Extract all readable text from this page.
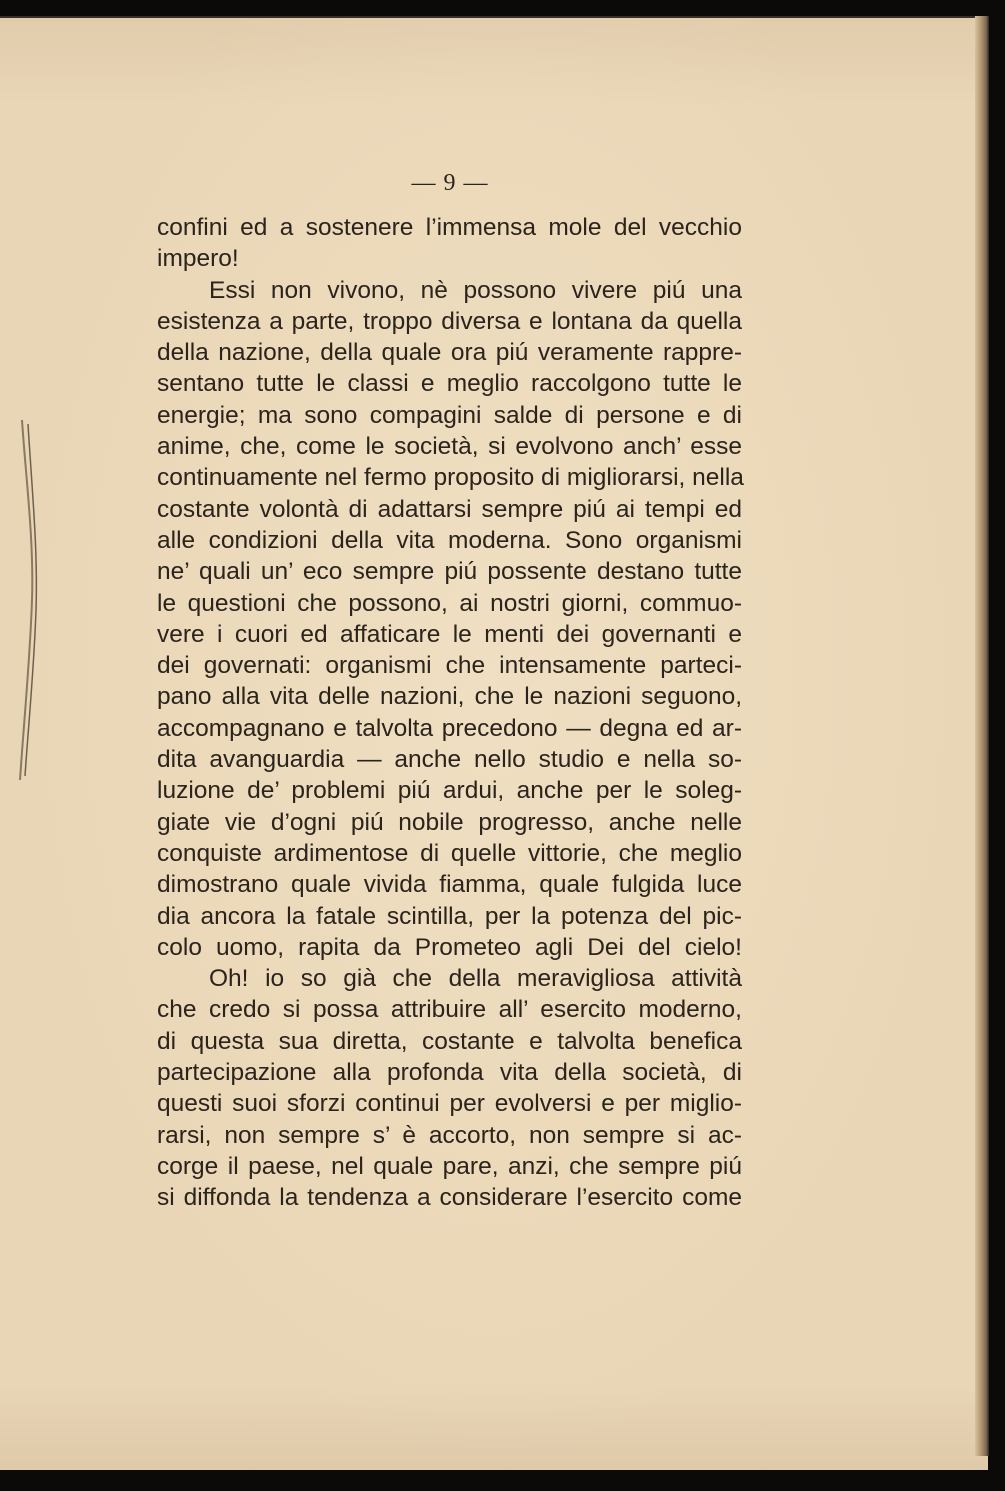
— 9 —
confini ed a sostenere l’immensa mole del vecchio
impero!
Essi non vivono, nè possono vivere piú una
esistenza a parte, troppo diversa e lontana da quella
della nazione, della quale ora piú veramente rappre-
sentano tutte le classi e meglio raccolgono tutte le
energie; ma sono compagini salde di persone e di
anime, che, come le società, si evolvono anch’ esse
continuamente nel fermo proposito di migliorarsi, nella
costante volontà di adattarsi sempre piú ai tempi ed
alle condizioni della vita moderna. Sono organismi
ne’ quali un’ eco sempre piú possente destano tutte
le questioni che possono, ai nostri giorni, commuo-
vere i cuori ed affaticare le menti dei governanti e
dei governati: organismi che intensamente parteci-
pano alla vita delle nazioni, che le nazioni seguono,
accompagnano e talvolta precedono — degna ed ar-
dita avanguardia — anche nello studio e nella so-
luzione de’ problemi piú ardui, anche per le soleg-
giate vie d’ogni piú nobile progresso, anche nelle
conquiste ardimentose di quelle vittorie, che meglio
dimostrano quale vivida fiamma, quale fulgida luce
dia ancora la fatale scintilla, per la potenza del pic-
colo uomo, rapita da Prometeo agli Dei del cielo!
Oh! io so già che della meravigliosa attività
che credo si possa attribuire all’ esercito moderno,
di questa sua diretta, costante e talvolta benefica
partecipazione alla profonda vita della società, di
questi suoi sforzi continui per evolversi e per miglio-
rarsi, non sempre s’ è accorto, non sempre si ac-
corge il paese, nel quale pare, anzi, che sempre piú
si diffonda la tendenza a considerare l’esercito come
